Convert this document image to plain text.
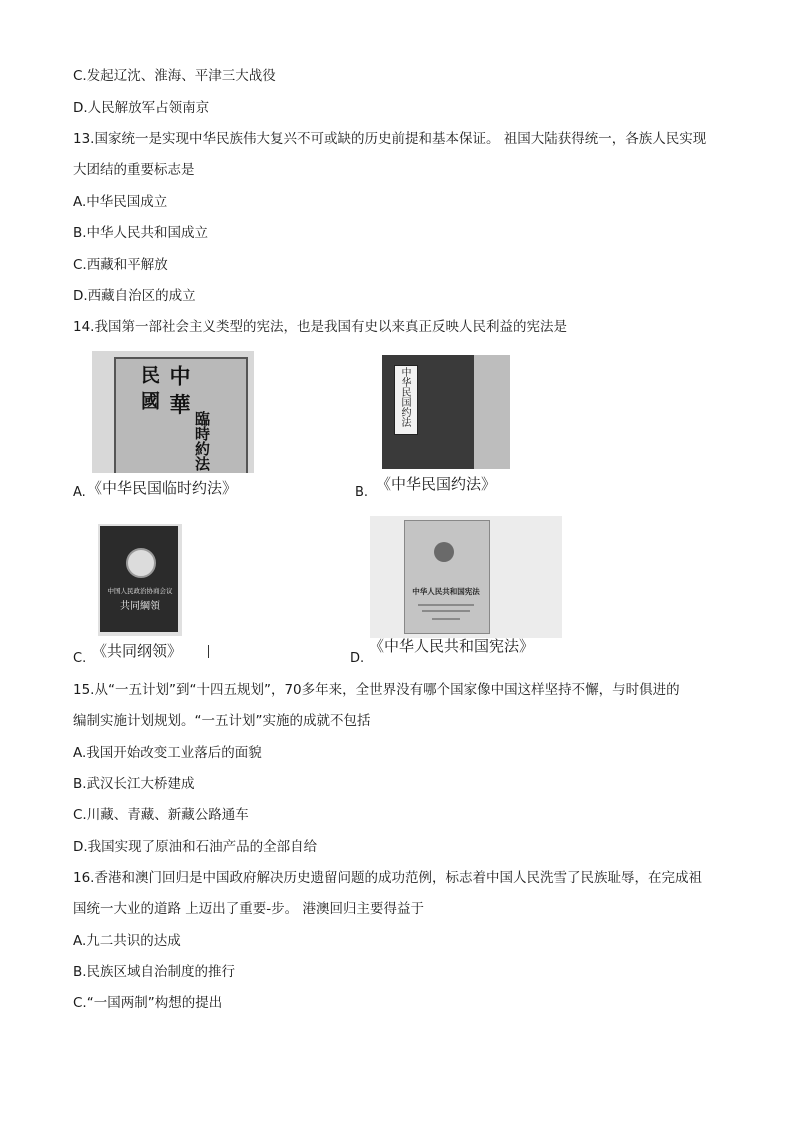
C.发起辽沈、淮海、平津三大战役
D.人民解放军占领南京
13.国家统一是实现中华民族伟大复兴不可或缺的历史前提和基本保证。 祖国大陆获得统一，各族人民实现
大团结的重要标志是
A.中华民国成立
B.中华人民共和国成立
C.西藏和平解放
D.西藏自治区的成立
14.我国第一部社会主义类型的宪法，也是我国有史以来真正反映人民利益的宪法是
民 國 中 華
臨時約法
A. 《中华民国临时约法》
中华民国约法
B. 《中华民国约法》
中国人民政治协商会议
共同綱領
C. 《共同纲领》
中华人民共和国宪法
D.
《中华人民共和国宪法》
15.从“一五计划”到“十四五规划”，70多年来，全世界没有哪个国家像中国这样坚持不懈，与时俱进的
编制实施计划规划。“一五计划”实施的成就不包括
A.我国开始改变工业落后的面貌
B.武汉长江大桥建成
C.川藏、青藏、新藏公路通车
D.我国实现了原油和石油产品的全部自给
16.香港和澳门回归是中国政府解决历史遗留问题的成功范例，标志着中国人民洗雪了民族耻辱，在完成祖
国统一大业的道路 上迈出了重要-步。 港澳回归主要得益于
A.九二共识的达成
B.民族区域自治制度的推行
C.“一国两制”构想的提出
